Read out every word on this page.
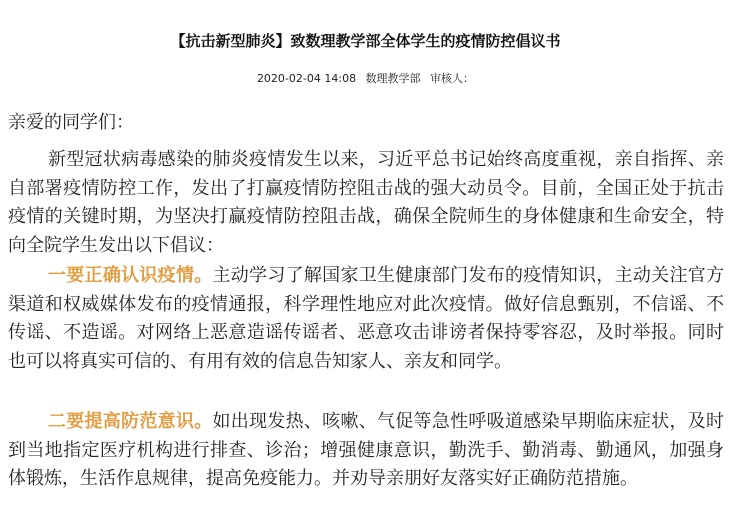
【抗击新型肺炎】致数理教学部全体学生的疫情防控倡议书
2020-02-04 14:08 数理教学部 审核人：
亲爱的同学们：

新型冠状病毒感染的肺炎疫情发生以来，习近平总书记始终高度重视，亲自指挥、亲自部署疫情防控工作，发出了打赢疫情防控阻击战的强大动员令。目前，全国正处于抗击疫情的关键时期，为坚决打赢疫情防控阻击战，确保全院师生的身体健康和生命安全，特向全院学生发出以下倡议：

一要正确认识疫情。主动学习了解国家卫生健康部门发布的疫情知识，主动关注官方渠道和权威媒体发布的疫情通报，科学理性地应对此次疫情。做好信息甄别，不信谣、不传谣、不造谣。对网络上恶意造谣传谣者、恶意攻击诽谤者保持零容忍，及时举报。同时也可以将真实可信的、有用有效的信息告知家人、亲友和同学。

二要提高防范意识。如出现发热、咳嗽、气促等急性呼吸道感染早期临床症状，及时到当地指定医疗机构进行排查、诊治；增强健康意识，勤洗手、勤消毒、勤通风，加强身体锻炼，生活作息规律，提高免疫能力。并劝导亲朋好友落实好正确防范措施。
